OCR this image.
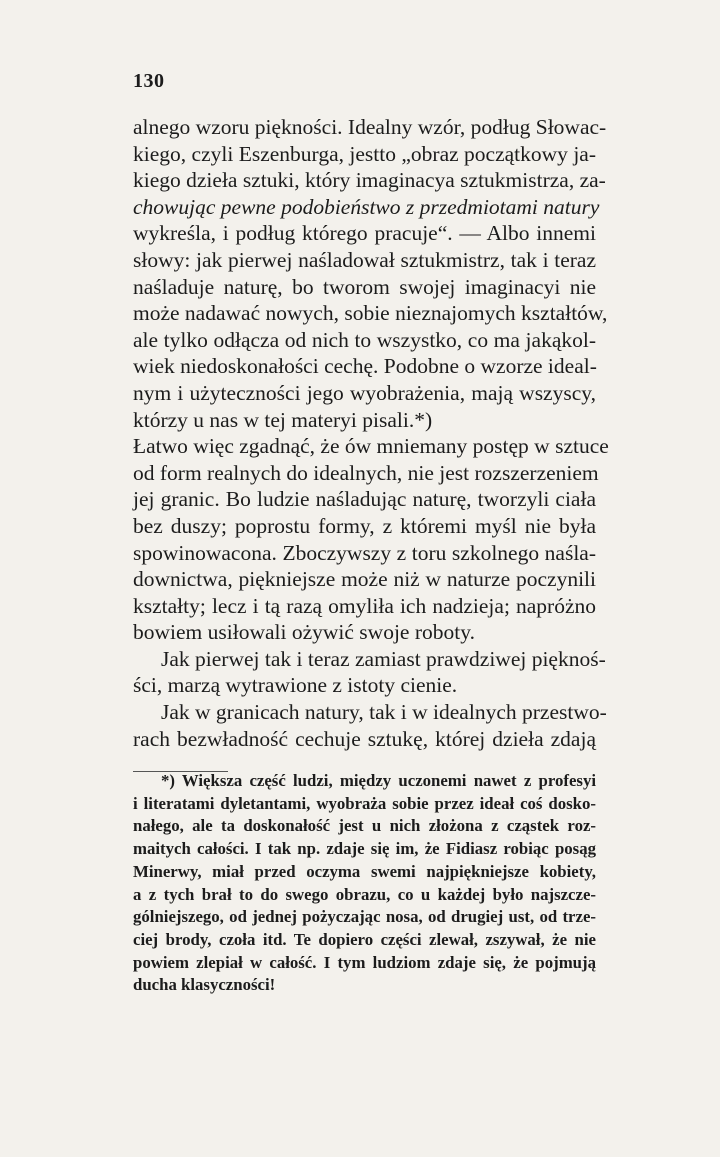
130

alnego wzoru piękności. Idealny wzór, podług Słowac-
kiego, czyli Eszenburga, jestto „obraz początkowy ja-
kiego dzieła sztuki, który imaginacya sztukmistrza, za-
chowując pewne podobieństwo z przedmiotami natury
wykreśla, i podług którego pracuje“. — Albo innemi
słowy: jak pierwej naśladował sztukmistrz, tak i teraz
naśladuje naturę, bo tworom swojej imaginacyi nie
może nadawać nowych, sobie nieznajomych kształtów,
ale tylko odłącza od nich to wszystko, co ma jakąkol-
wiek niedoskonałości cechę. Podobne o wzorze ideal-
nym i użyteczności jego wyobrażenia, mają wszyscy,
którzy u nas w tej materyi pisali.*)

Łatwo więc zgadnąć, że ów mniemany postęp w sztuce
od form realnych do idealnych, nie jest rozszerzeniem
jej granic. Bo ludzie naśladując naturę, tworzyli ciała
bez duszy; poprostu formy, z któremi myśl nie była
spowinowacona. Zboczywszy z toru szkolnego naśla-
downictwa, piękniejsze może niż w naturze poczynili
kształty; lecz i tą razą omyliła ich nadzieja; napróżno
bowiem usiłowali ożywić swoje roboty.

Jak pierwej tak i teraz zamiast prawdziwej pięknoś-
ści, marzą wytrawione z istoty cienie.

Jak w granicach natury, tak i w idealnych przestwo-
rach bezwładność cechuje sztukę, której dzieła zdają

*) Większa część ludzi, między uczonemi nawet z profesyi
i literatami dyletantami, wyobraża sobie przez ideał coś dosko-
nałego, ale ta doskonałość jest u nich złożona z cząstek roz-
maitych całości. I tak np. zdaje się im, że Fidiasz robiąc posąg
Minerwy, miał przed oczyma swemi najpiękniejsze kobiety,
a z tych brał to do swego obrazu, co u każdej było najszcze-
gólniejszego, od jednej pożyczając nosa, od drugiej ust, od trze-
ciej brody, czoła itd. Te dopiero części zlewał, zszywał, że nie
powiem zlepiał w całość. I tym ludziom zdaje się, że pojmują
ducha klasyczności!
